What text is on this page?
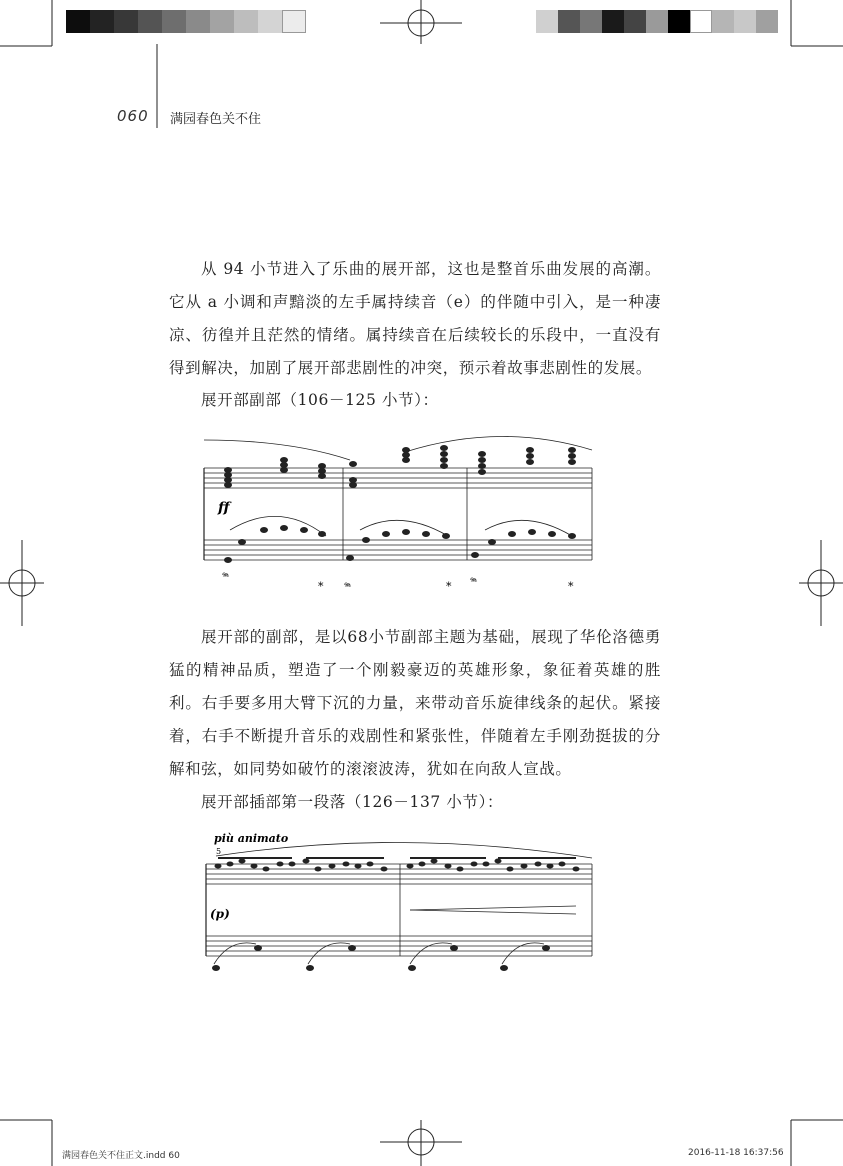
060 满园春色关不住

从 94 小节进入了乐曲的展开部，这也是整首乐曲发展的高潮。它从 a 小调和声黯淡的左手属持续音（e）的伴随中引入，是一种凄凉、彷徨并且茫然的情绪。属持续音在后续较长的乐段中，一直没有得到解决，加剧了展开部悲剧性的冲突，预示着故事悲剧性的发展。

展开部副部（106－125 小节）：
ff
𝆮
* 𝆮	* 𝆮	*

展开部的副部，是以68小节副部主题为基础，展现了华伦洛德勇猛的精神品质，塑造了一个刚毅豪迈的英雄形象，象征着英雄的胜利。右手要多用大臂下沉的力量，来带动音乐旋律线条的起伏。紧接着，右手不断提升音乐的戏剧性和紧张性，伴随着左手刚劲挺拔的分解和弦，如同势如破竹的滚滚波涛，犹如在向敌人宣战。

展开部插部第一段落（126－137 小节）：
più animato
5
(p)
满园春色关不住正文.indd 60	2016-11-18 16:37:56
